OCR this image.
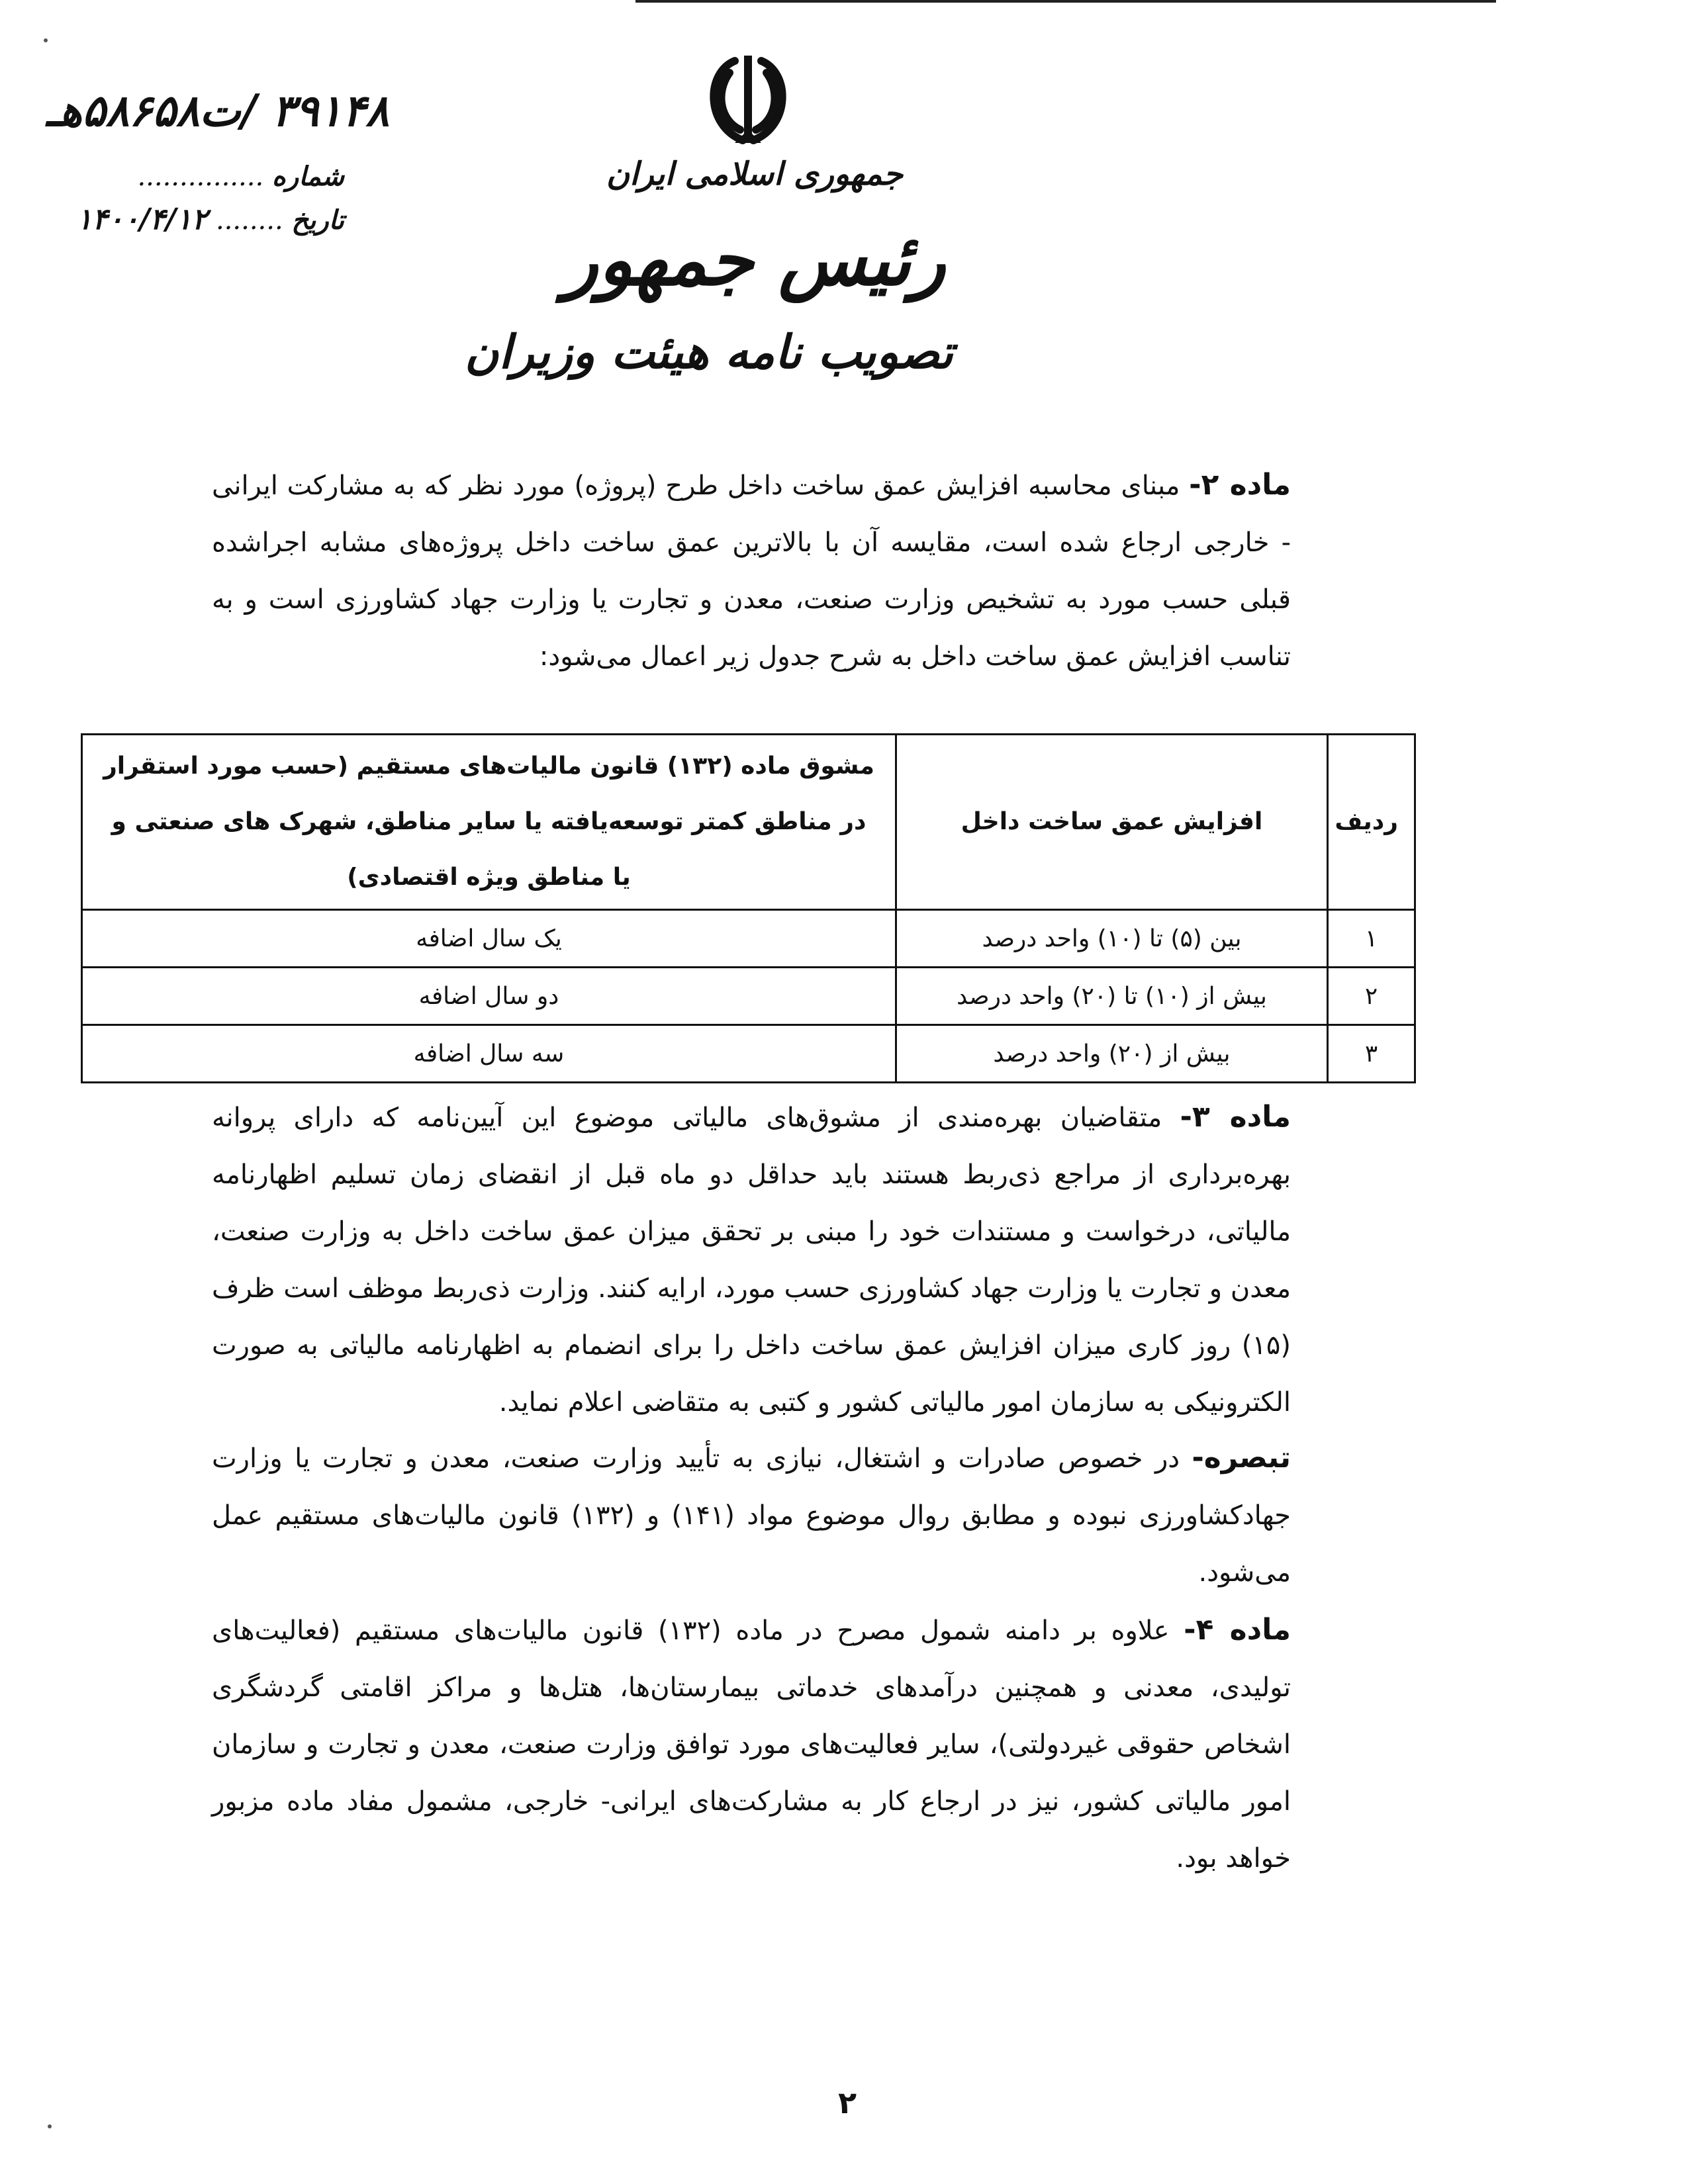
۳۹۱۴۸ /ت۵۸۶۵۸هـ
شماره ...............
تاریخ ........ ۱۴۰۰/۴/۱۲
جمهوری اسلامی ایران
رئیس جمهور
تصویب نامه هیئت وزیران
ماده ۲- مبنای محاسبه افزایش عمق ساخت داخل طرح (پروژه) مورد نظر که به مشارکت ایرانی - خارجی ارجاع شده است، مقایسه آن با بالاترین عمق ساخت داخل پروژه‌های مشابه اجراشده قبلی حسب مورد به تشخیص وزارت صنعت، معدن و تجارت یا وزارت جهاد کشاورزی است و به تناسب افزایش عمق ساخت داخل به شرح جدول زیر اعمال می‌شود:
ردیف	افزایش عمق ساخت داخل	مشوق ماده (۱۳۲) قانون مالیات‌های مستقیم (حسب مورد استقرار در مناطق کمتر توسعه‌یافته یا سایر مناطق، شهرک های صنعتی و یا مناطق ویژه اقتصادی)
۱	بین (۵) تا (۱۰) واحد درصد	یک سال اضافه
۲	بیش از (۱۰) تا (۲۰) واحد درصد	دو سال اضافه
۳	بیش از (۲۰) واحد درصد	سه سال اضافه
ماده ۳- متقاضیان بهره‌مندی از مشوق‌های مالیاتی موضوع این آیین‌نامه که دارای پروانه بهره‌برداری از مراجع ذی‌ربط هستند باید حداقل دو ماه قبل از انقضای زمان تسلیم اظهارنامه مالیاتی، درخواست و مستندات خود را مبنی بر تحقق میزان عمق ساخت داخل به وزارت صنعت، معدن و تجارت یا وزارت جهاد کشاورزی حسب مورد، ارایه کنند. وزارت ذی‌ربط موظف است ظرف (۱۵) روز کاری میزان افزایش عمق ساخت داخل را برای انضمام به اظهارنامه مالیاتی به صورت الکترونیکی به سازمان امور مالیاتی کشور و کتبی به متقاضی اعلام نماید.
تبصره- در خصوص صادرات و اشتغال، نیازی به تأیید وزارت صنعت، معدن و تجارت یا وزارت جهادکشاورزی نبوده و مطابق روال موضوع مواد (۱۴۱) و (۱۳۲) قانون مالیات‌های مستقیم عمل می‌شود.
ماده ۴- علاوه بر دامنه شمول مصرح در ماده (۱۳۲) قانون مالیات‌های مستقیم (فعالیت‌های تولیدی، معدنی و همچنین درآمدهای خدماتی بیمارستان‌ها، هتل‌ها و مراکز اقامتی گردشگری اشخاص حقوقی غیردولتی)، سایر فعالیت‌های مورد توافق وزارت صنعت، معدن و تجارت و سازمان امور مالیاتی کشور، نیز در ارجاع کار به مشارکت‌های ایرانی- خارجی، مشمول مفاد ماده مزبور خواهد بود.
۲
